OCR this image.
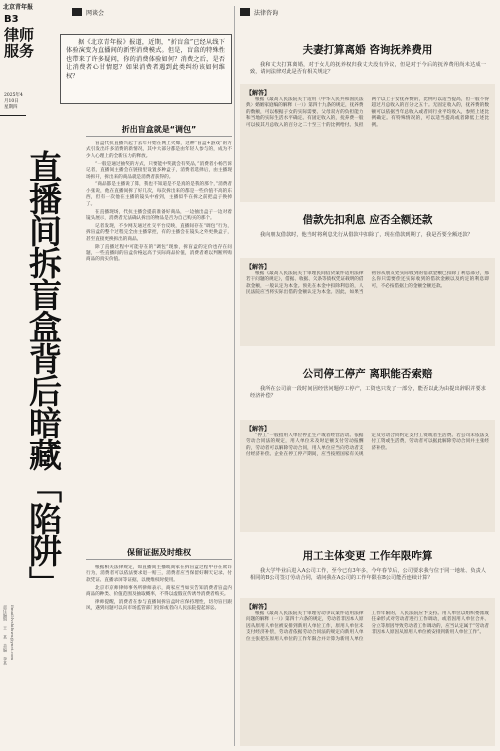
北京青年报
B3
律师
服务
2025年4月10日
星期四
责任编辑 王 某 美编 李某 Email:lvshifuwu@ynet.com
网谈会	法律咨询
据《北京青年报》报道，近期，“折盲盒”已经从线下体验演变为直播间的新型消费模式。但是，盲盒的特殊性也带来了许多疑问，你的消费体验如何？消费之后，是否让消费者心甘情愿？如果消费者遇到此类纠纷该如何维权？
直播间拆盲盒背后暗藏「陷阱」
折出盲盒就是“调包”

盲盒代抗直播兴起于去年开始在网上火爆，这种“盲盒+游戏”的方式引发出许多消费的新情况，其中大部分都是由年轻人参与的，成为不少人心理上的全新压力的释放。

“一般是通过抽奖的方式，只要能中奖就会有奖品，”消费者小杨告诉记者，直播间主播会在链接里设置多种盒子，消费者选择后，由主播现场拆开，拆出来的商品就是消费者获得的。

“商品都是主播说了算，我也不知道是不是真的是我的那个，”消费者小张说，他在直播间拆了好几次，每次拆出来的都是一些价值不高的东西，但有一次他在主播的镜头中看到，主播似乎在拆之前把盒子换掉了。

在直播现场，代抗主播会提前准备好商品，一边抽出盒子一边对着镜头展示，消费者无法确认拆出的物品是否为自己购买的那个。

记者发现，不少网友通过社交平台反映，直播间存在“调包”行为，拆盲盒的整个过程完全由主播掌控，有的主播会在镜头之外更换盒子，甚至直接更换拆出的商品。

除了直播过程中可能存在的“调包”现象，拆盲盒的定价也存在问题，一些直播间的盲盒价格远高于实际商品价值，消费者难以判断所购商品的真实价值。

保留证据及时维权

根据相关法律规定，如直播间主播或商家在拆盲盒过程中存在欺诈行为，消费者可以依法要求退一赔三，消费者应当保留好聊天记录、付款凭证、直播录屏等证据，以便维权时使用。

北京市京师律师事务所律师表示，商家应当如实告知消费者盲盒内商品的种类、价值范围及抽取概率，不得以虚假宣传诱导消费者购买。

律师提醒，消费者在参与直播间拆盲盒时应保持理性，切勿盲目跟风，遇到问题可以向市场监管部门投诉或者向人民法院提起诉讼。

夫妻打算离婚 咨询抚养费用
我和丈夫打算离婚，对于女儿的抚养权归我丈夫没有异议，但是对于今后的抚养费用尚未达成一致，请问法律对此是否有相关规定？
【解答】
根据《最高人民法院关于适用〈中华人民共和国民法典〉婚姻家庭编的解释（一）》第四十九条的规定，抚养费的数额，可以根据子女的实际需要、父母双方的负担能力和当地的实际生活水平确定。有固定收入的，抚养费一般可以按其月总收入的百分之二十至三十的比例给付。负担两个以上子女抚养费的，比例可以适当提高，但一般不得超过月总收入的百分之五十。无固定收入的，抚养费的数额可以依据当年总收入或者同行业平均收入，参照上述比例确定。有特殊情况的，可以适当提高或者降低上述比例。
借款先扣利息 应否全额还款
我向朋友借款时，他当时将利息先行从借款中扣除了，现在借款到期了，我是否要全额还款？
【解答】
根据《最高人民法院关于审理民间借贷案件适用法律若干问题的规定》，借据、收据、欠条等债权凭证载明的借款金额，一般认定为本金。预先在本金中扣除利息的，人民法院应当将实际出借的金额认定为本金。因此，如果当初你从朋友处实际收到的借款金额已扣除了利息部分，那么你只需要偿还实际收到的借款金额以及约定的利息即可，不必按借据上的金额全额还款。
公司停工停产 离职能否索赔
我所在公司前一段时间因经营问题停工停产，工资也只发了一部分，能否以此为由提出辞职并要求经济补偿？
【解答】
“停工”一般指用人单位停止生产或者经营活动。依据劳动合同法的规定，用人单位未及时足额支付劳动报酬的，劳动者可以解除劳动合同，用人单位应当向劳动者支付经济补偿。企业在停工停产期间，应当按照国家有关规定及劳动合同约定支付工资或者生活费。若公司未依法支付工资或生活费，劳动者可以据此解除劳动合同并主张经济补偿。
用工主体变更 工作年限咋算
我大学毕业后进入A公司工作，至今已有3年多，今年春节后，公司要求我与位于同一地址、负责人相同的B公司签订劳动合同，请问我在A公司的工作年限在B公司能否连续计算？
【解答】
根据《最高人民法院关于审理劳动争议案件适用法律问题的解释（一）》第四十六条的规定，劳动者非因本人原因从原用人单位被安排到新用人单位工作，原用人单位未支付经济补偿，劳动者依据劳动合同法的规定向新用人单位主张把在原用人单位的工作年限合并计算为新用人单位工作年限的，人民法院应予支持。用人单位以组织委派或任命形式对劳动者进行工作调动，或者因用人单位合并、分立等原因导致劳动者工作调动的，应当认定属于“劳动者非因本人原因从原用人单位被安排到新用人单位工作”。
